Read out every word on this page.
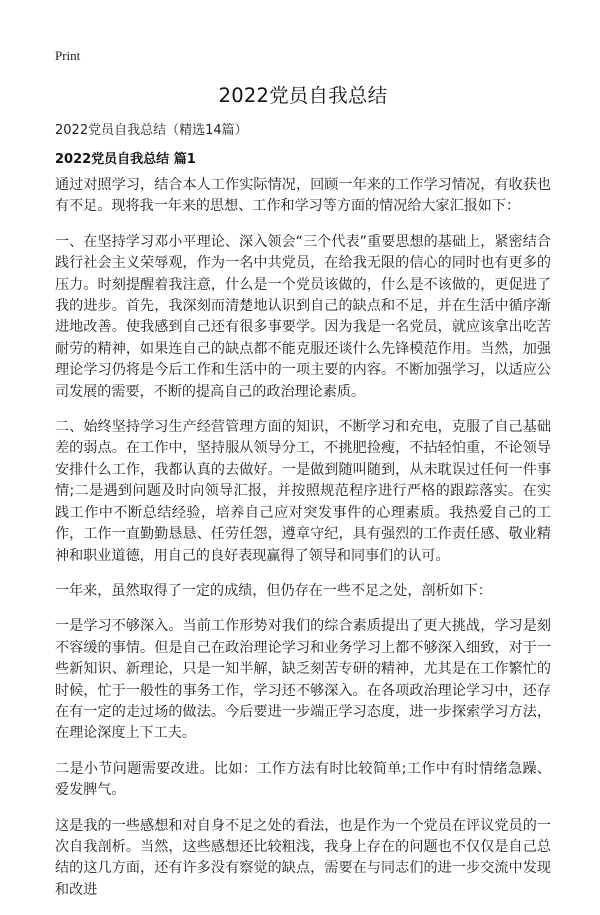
Print
2022党员自我总结
2022党员自我总结（精选14篇）
2022党员自我总结 篇1

通过对照学习，结合本人工作实际情况，回顾一年来的工作学习情况，有收获也有不足。现将我一年来的思想、工作和学习等方面的情况给大家汇报如下：

一、在坚持学习邓小平理论、深入领会“三个代表”重要思想的基础上，紧密结合践行社会主义荣辱观，作为一名中共党员，在给我无限的信心的同时也有更多的压力。时刻提醒着我注意，什么是一个党员该做的，什么是不该做的，更促进了我的进步。首先，我深刻而清楚地认识到自己的缺点和不足，并在生活中循序渐进地改善。使我感到自己还有很多事要学。因为我是一名党员，就应该拿出吃苦耐劳的精神，如果连自己的缺点都不能克服还谈什么先锋模范作用。当然，加强理论学习仍将是今后工作和生活中的一项主要的内容。不断加强学习，以适应公司发展的需要，不断的提高自己的政治理论素质。

二、始终坚持学习生产经营管理方面的知识，不断学习和充电，克服了自己基础差的弱点。在工作中，坚持服从领导分工，不挑肥捡瘦，不拈轻怕重，不论领导安排什么工作，我都认真的去做好。一是做到随叫随到，从未耽误过任何一件事情;二是遇到问题及时向领导汇报，并按照规范程序进行严格的跟踪落实。在实践工作中不断总结经验，培养自己应对突发事件的心理素质。我热爱自己的工作，工作一直勤勤恳恳、任劳任怨，遵章守纪，具有强烈的工作责任感、敬业精神和职业道德，用自己的良好表现赢得了领导和同事们的认可。

一年来，虽然取得了一定的成绩，但仍存在一些不足之处，剖析如下：

一是学习不够深入。当前工作形势对我们的综合素质提出了更大挑战，学习是刻不容缓的事情。但是自己在政治理论学习和业务学习上都不够深入细致，对于一些新知识、新理论，只是一知半解，缺乏刻苦专研的精神，尤其是在工作繁忙的时候，忙于一般性的事务工作，学习还不够深入。在各项政治理论学习中，还存在有一定的走过场的做法。今后要进一步端正学习态度，进一步探索学习方法，在理论深度上下工夫。

二是小节问题需要改进。比如：工作方法有时比较简单;工作中有时情绪急躁、爱发脾气。

这是我的一些感想和对自身不足之处的看法，也是作为一个党员在评议党员的一次自我剖析。当然，这些感想还比较粗浅，我身上存在的问题也不仅仅是自己总结的这几方面，还有许多没有察觉的缺点，需要在与同志们的进一步交流中发现和改进
